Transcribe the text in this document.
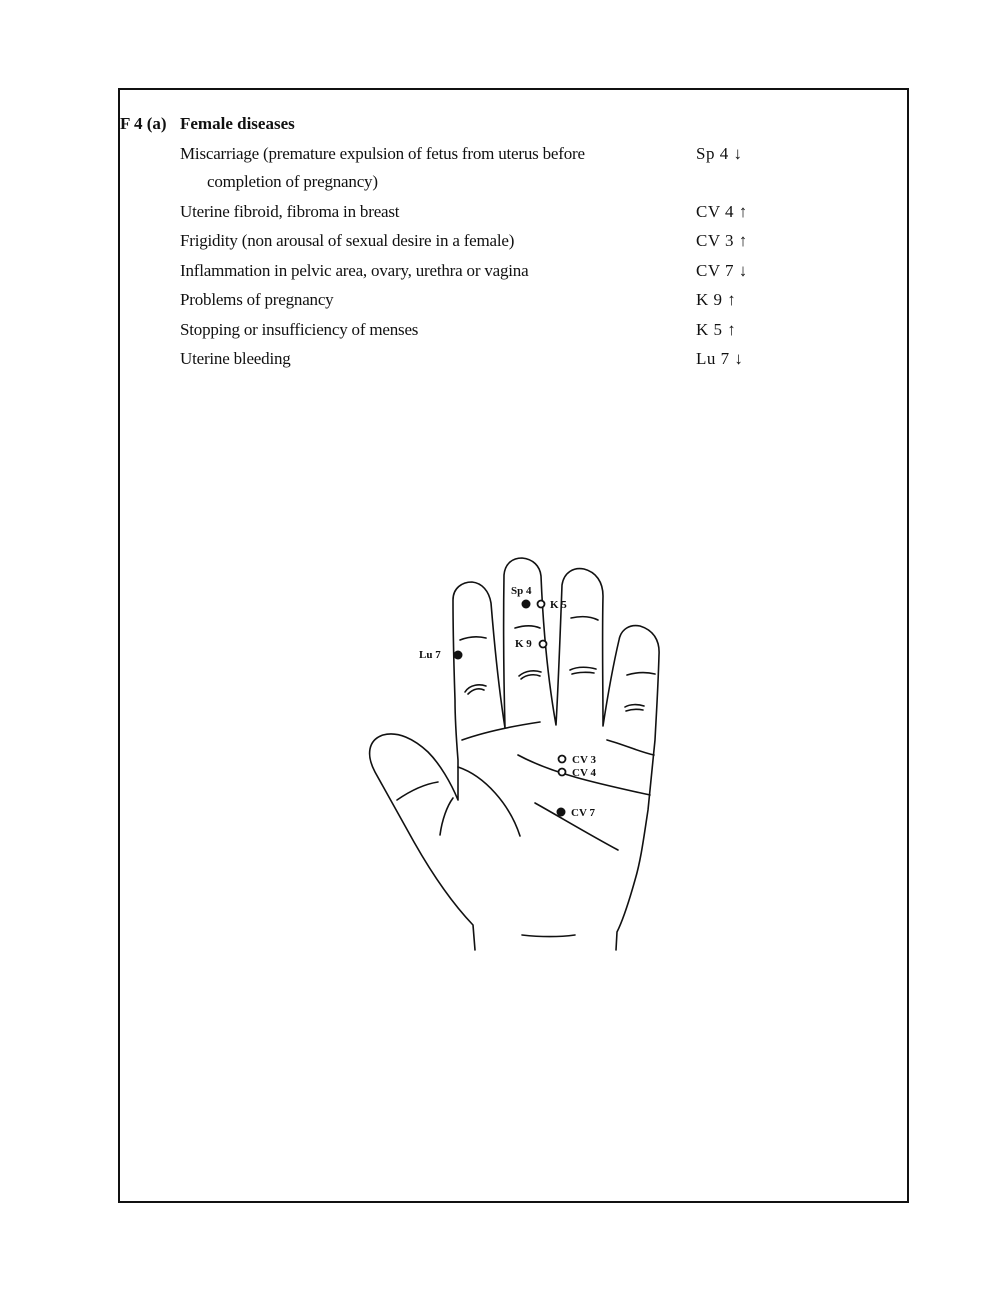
F 4 (a) Female diseases
Miscarriage (premature expulsion of fetus from uterus before
completion of pregnancy)
Sp 4 ↓
Uterine fibroid, fibroma in breast	CV 4 ↑
Frigidity (non arousal of sexual desire in a female)	CV 3 ↑
Inflammation in pelvic area, ovary, urethra or vagina	CV 7 ↓
Problems of pregnancy	K 9 ↑
Stopping or insufficiency of menses	K 5 ↑
Uterine bleeding	Lu 7 ↓
Sp 4
K 5
K 9
Lu 7
CV 3
CV 4
CV 7
